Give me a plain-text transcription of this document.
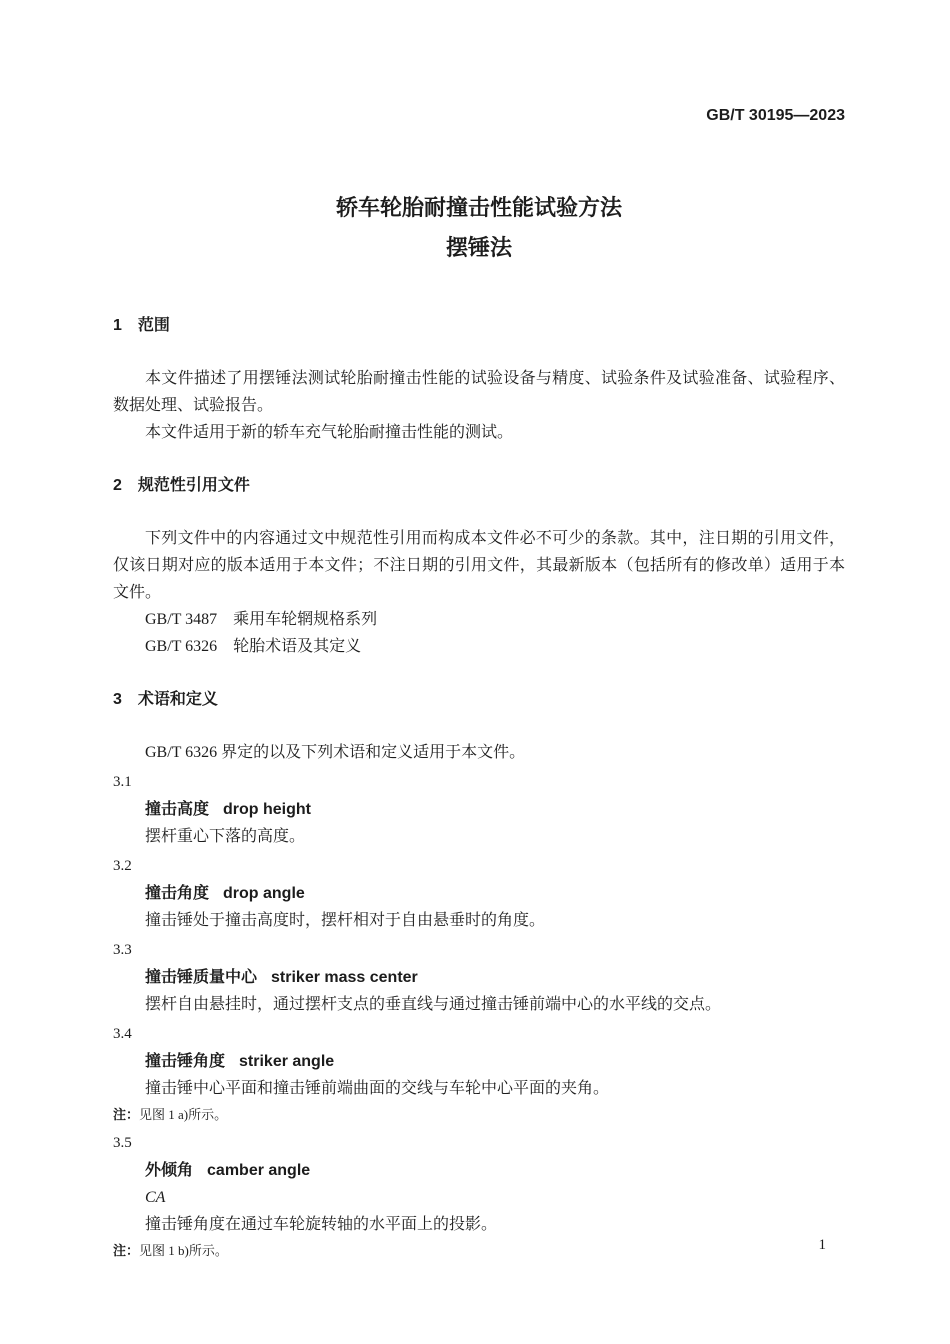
GB/T 30195—2023
轿车轮胎耐撞击性能试验方法
摆锤法
1 范围

本文件描述了用摆锤法测试轮胎耐撞击性能的试验设备与精度、试验条件及试验准备、试验程序、数据处理、试验报告。

本文件适用于新的轿车充气轮胎耐撞击性能的测试。

2 规范性引用文件

下列文件中的内容通过文中规范性引用而构成本文件必不可少的条款。其中，注日期的引用文件，仅该日期对应的版本适用于本文件；不注日期的引用文件，其最新版本（包括所有的修改单）适用于本文件。

GB/T 3487 乘用车轮辋规格系列

GB/T 6326 轮胎术语及其定义

3 术语和定义

GB/T 6326 界定的以及下列术语和定义适用于本文件。

3.1

撞击高度 drop height

摆杆重心下落的高度。

3.2

撞击角度 drop angle

撞击锤处于撞击高度时，摆杆相对于自由悬垂时的角度。

3.3

撞击锤质量中心 striker mass center

摆杆自由悬挂时，通过摆杆支点的垂直线与通过撞击锤前端中心的水平线的交点。

3.4

撞击锤角度 striker angle

撞击锤中心平面和撞击锤前端曲面的交线与车轮中心平面的夹角。

注：见图 1 a)所示。

3.5

外倾角 camber angle

CA

撞击锤角度在通过车轮旋转轴的水平面上的投影。

注：见图 1 b)所示。	1
